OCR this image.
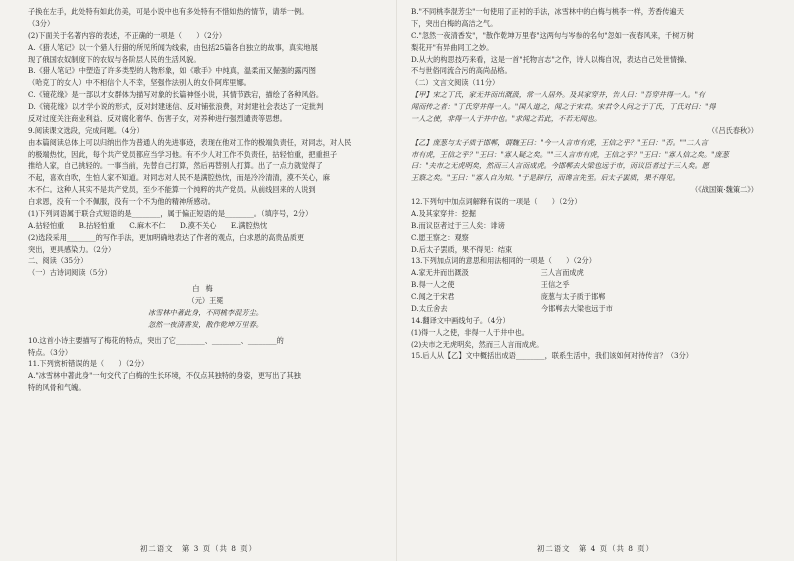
子换在左手，此处特有如此仿美，可是小说中也有多处特有不惜如热的情节，请举一例。

（3分）

(2)下面关于名著内容的表述，不正确的一项是（　　）（2分）

A.《猎人笔记》以一个猎人行猎的所见所闻为线索，由包括25篇各自独立的故事，真实地展

现了俄国农奴制度下的农奴与各阶层人民的生活风貌。

B.《猎人笔记》中塑造了许多类型的人物形象，如《歌手》中纯真，温柔而又倔强的露丙图

（哈克丁的女人）中不相信个人不幸，坚强作法别人的女仆阿库里娜。

C.《镜花缘》是一部以才女群体为描写对象的长篇神怪小说，其情节跌宕，描绘了各种风俗。

D.《镜花缘》以才学小说的形式，反对封建迷信、反对铺张浪费，对封建社会表达了一定批判

反对过度关注商业利益、反对腐化奢华、伤害子女，对养种进行强烈谴责等思想。

9.阅读课文选段，完成问题。（4分）

由本篇阅读总体上可以归纳出作为普通人的先进事迹，表现在他对工作的极端负责任，对同志，对人民

的极端热忱，因此，每个共产党员都应当学习他。有不少人对工作不负责任，拈轻怕重，把重担子

推给人家，自己挑轻的。一事当前，先替自己打算，然后再替别人打算。出了一点力就觉得了

不起，喜欢自吹，生怕人家不知道。对同志对人民不是满腔热忱，而是冷冷清清，漠不关心，麻

木不仁。这种人其实不是共产党员，至少不能算一个纯粹的共产党员。从前线回来的人说到

白求恩，没有一个不佩服，没有一个不为他的精神所感动。

(1)下列词语属于联合式短语的是________，属于偏正短语的是________。（填序号，2分）

A.拈轻怕重　　B.拈轻怕重　　C.麻木不仁　　D.漠不关心　　E.满腔热忱

(2)选段采用________的写作手法，更加明确地表达了作者的观点，白求恩的高贵品质更

突出，更具感染力。（2分）

二、阅读（35分）

（一）古诗词阅读（5分）

白梅

（元）王冕

冰雪林中著此身，不同桃李混芳尘。

忽然一夜清香发，散作乾坤万里春。

10.这首小诗主要描写了梅花的特点，突出了它________、________、________的

特点。（3分）

11.下列赏析错误的是（　　）（2分）

A."冰雪林中著此身"一句交代了白梅的生长环境，不仅点其独特的身姿，更写出了其独

特的风骨和气魄。

初二语文　第 3 页（共 8 页）

B."不同桃李混芳尘"一句使用了正衬的手法，冰雪林中的白梅与桃李一样，芳香传遍天

下，突出白梅的高洁之气。

C."忽然一夜清香发"，"散作乾坤万里春"这两句与岑参的名句"忽如一夜春风来，千树万树

梨花开"有异曲同工之妙。

D.从大的构思技巧来看，这是一首"托物言志"之作，诗人以梅自况，表达自己处世情操、

不与世俗同流合污的高尚品格。

（二）文言文阅读（11分）

【甲】宋之丁氏，家无井而出溉汲，常一人居外。及其家穿井，告人曰："吾穿井得一人。"有

闻而传之者："丁氏穿井得一人。"国人道之，闻之于宋君。宋君令人问之于丁氏，丁氏对曰："得

一人之使，非得一人于井中也。"求闻之若此，不若无闻也。

（《吕氏春秋》）

【乙】庞葱与太子质于邯郸，谓魏王曰："今一人言市有虎，王信之乎？"王曰："否。""二人言

市有虎，王信之乎？"王曰："寡人疑之矣。""三人言市有虎，王信之乎？"王曰："寡人信之矣。"庞葱

曰："夫市之无虎明矣，然而三人言而成虎。今邯郸去大梁也远于市，而议臣者过于三人矣。愿

王察之矣。"王曰："寡人自为知。"于是辞行，而谗言先至。后太子罢质，果不得见。

（《战国策·魏策二》）

12.下列句中加点词解释有误的一项是（　　）（2分）

A.及其家穿井：挖掘

B.而议臣者过于三人矣：诽谤

C.愿王察之：观察

D.后太子罢质，果不得见：结束

13.下列加点词的意思和用法相同的一项是（　　）（2分）

A.家无井而出溉汲　　　　　　　　　　三人言而成虎

B.得一人之使　　　　　　　　　　　　王信之乎

C.闻之于宋君　　　　　　　　　　　　庞葱与太子质于邯郸

D.太丘舍去　　　　　　　　　　　　　今邯郸去大梁也远于市

14.翻译文中画线句子。（4分）

(1)得一人之使，非得一人于井中也。

(2)夫市之无虎明矣，然而三人言而成虎。

15.后人从【乙】文中概括出成语________，联系生活中，我们该如何对待传言？（3分）

初二语文　第 4 页（共 8 页）
